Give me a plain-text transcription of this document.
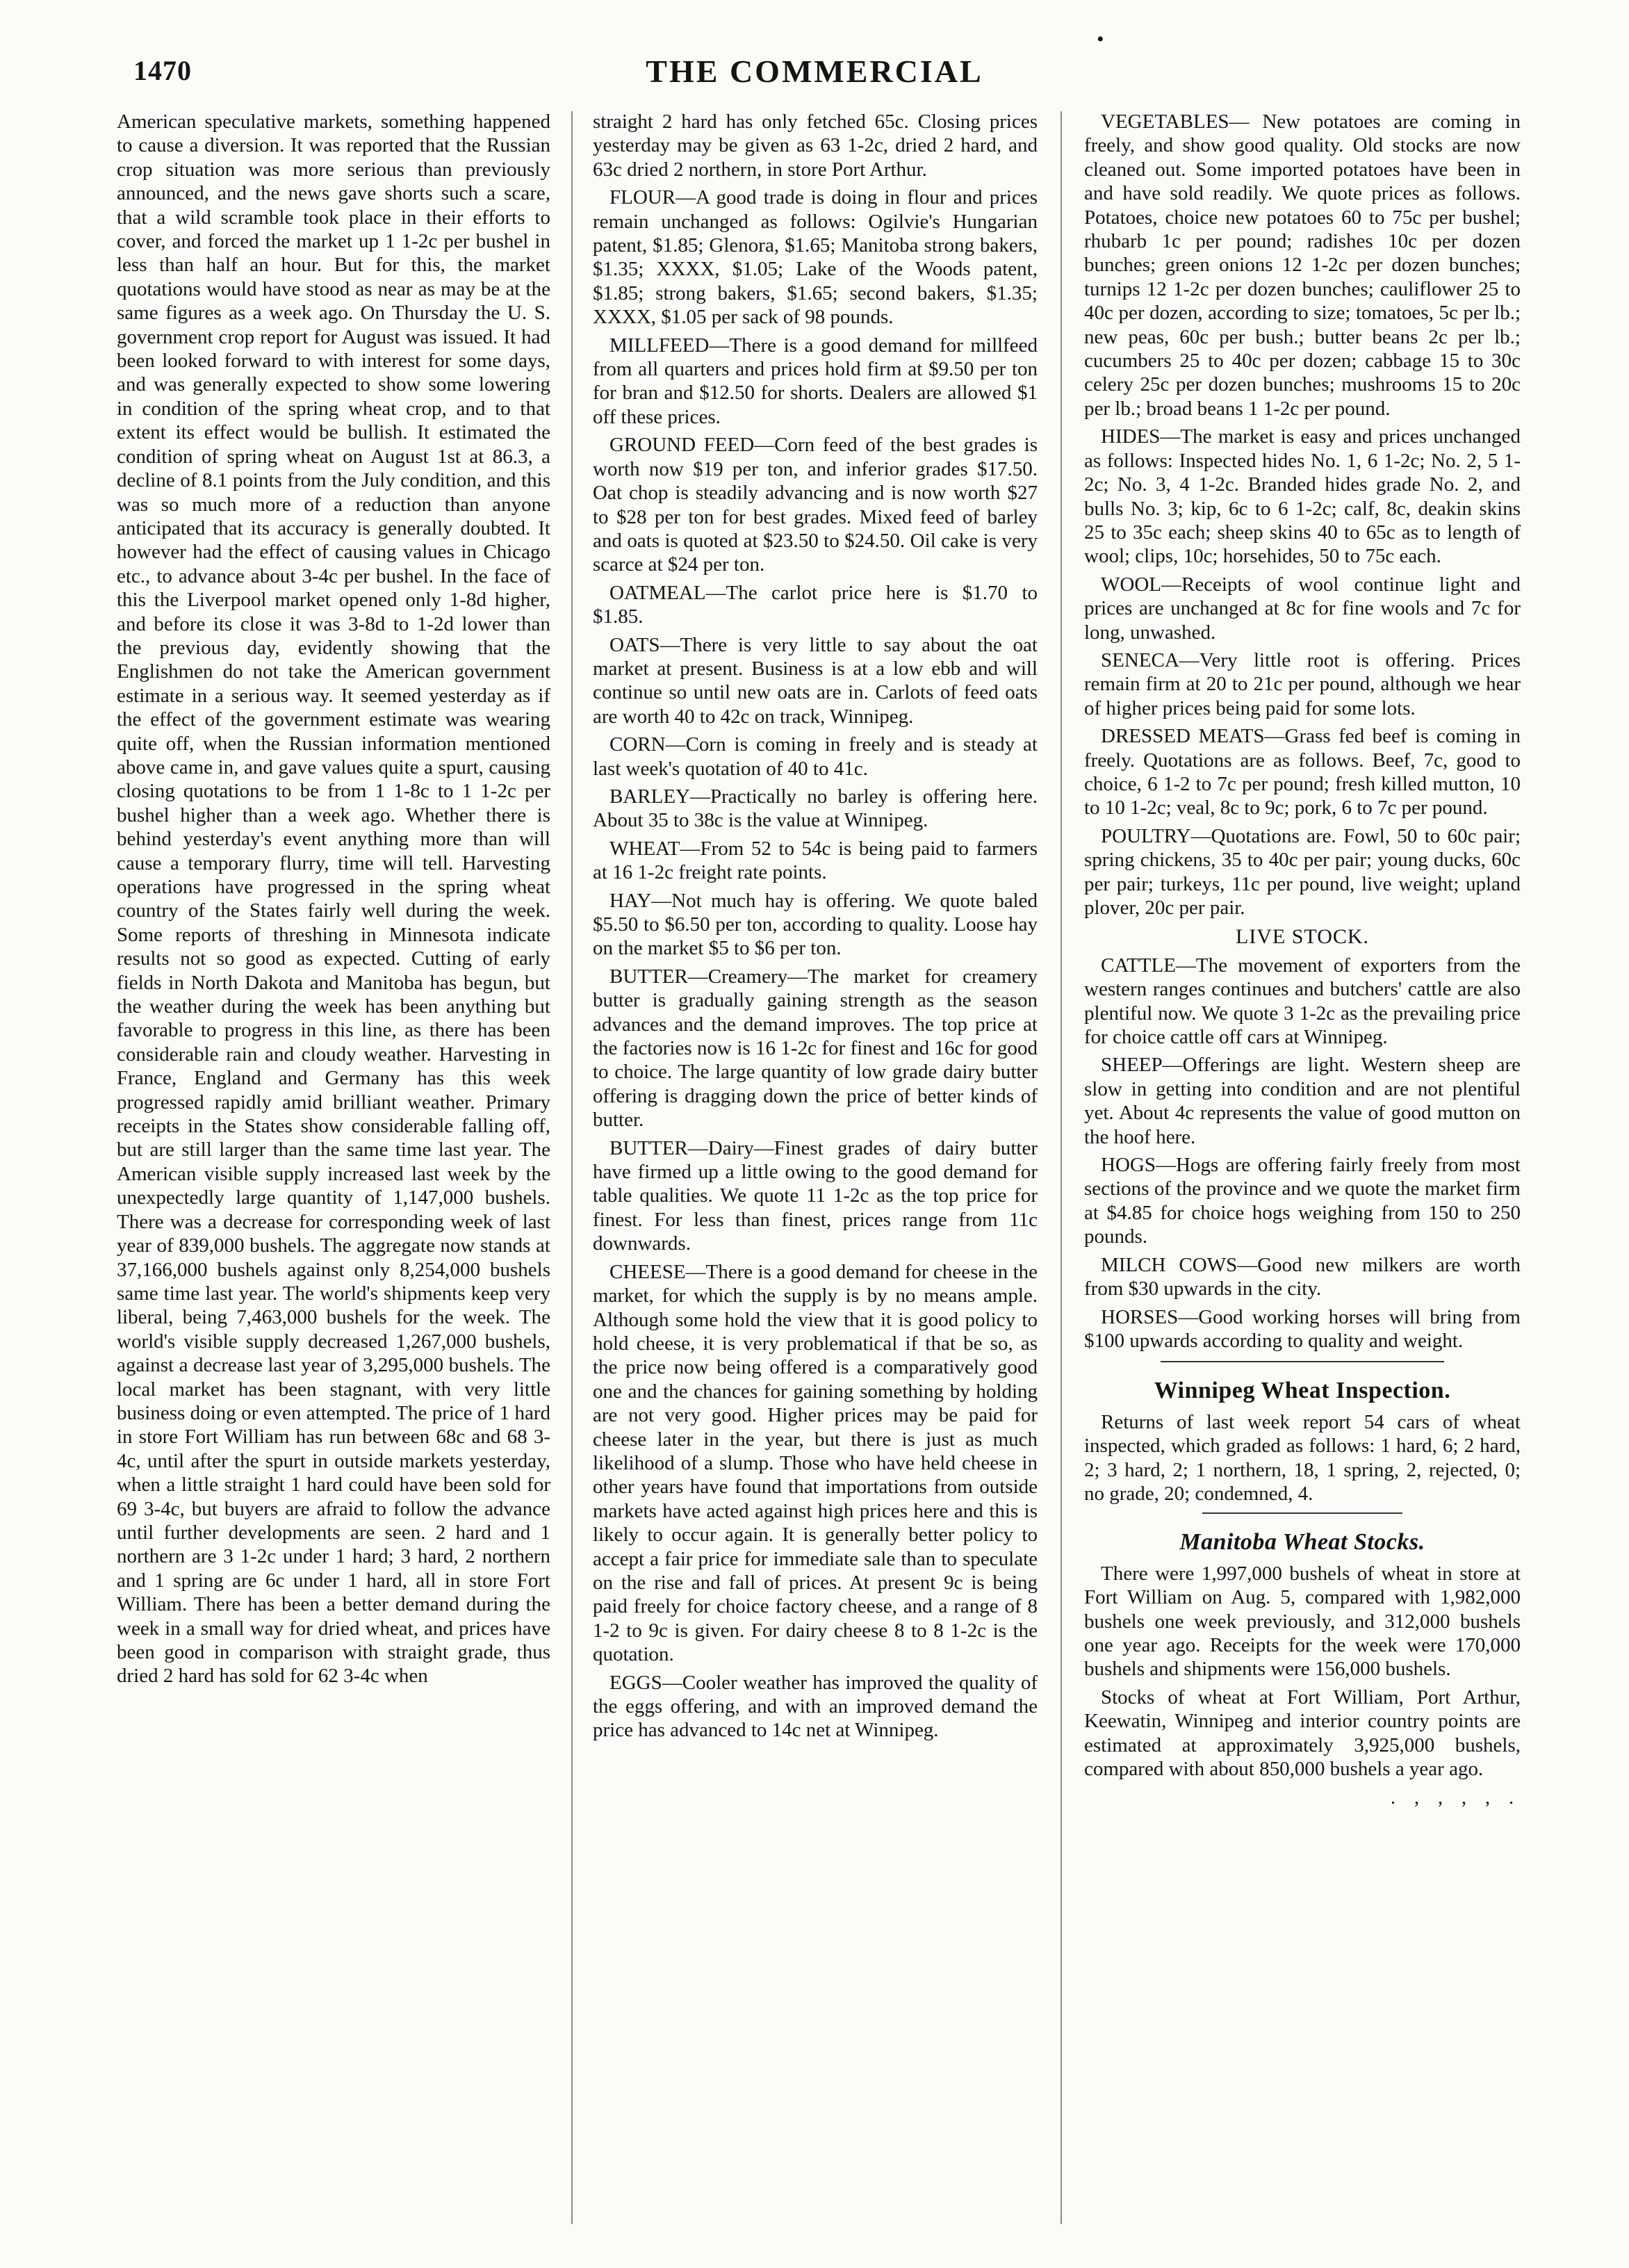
•
1470	THE COMMERCIAL

American speculative markets, something happened to cause a diversion. It was reported that the Russian crop situation was more serious than previously announced, and the news gave shorts such a scare, that a wild scramble took place in their efforts to cover, and forced the market up 1 1-2c per bushel in less than half an hour. But for this, the market quotations would have stood as near as may be at the same figures as a week ago. On Thursday the U. S. government crop report for August was issued. It had been looked forward to with interest for some days, and was generally expected to show some lowering in condition of the spring wheat crop, and to that extent its effect would be bullish. It estimated the condition of spring wheat on August 1st at 86.3, a decline of 8.1 points from the July condition, and this was so much more of a reduction than anyone anticipated that its accuracy is generally doubted. It however had the effect of causing values in Chicago etc., to advance about 3-4c per bushel. In the face of this the Liverpool market opened only 1-8d higher, and before its close it was 3-8d to 1-2d lower than the previous day, evidently showing that the Englishmen do not take the American government estimate in a serious way. It seemed yesterday as if the effect of the government estimate was wearing quite off, when the Russian information mentioned above came in, and gave values quite a spurt, causing closing quotations to be from 1 1-8c to 1 1-2c per bushel higher than a week ago. Whether there is behind yesterday's event anything more than will cause a temporary flurry, time will tell. Harvesting operations have progressed in the spring wheat country of the States fairly well during the week. Some reports of threshing in Minnesota indicate results not so good as expected. Cutting of early fields in North Dakota and Manitoba has begun, but the weather during the week has been anything but favorable to progress in this line, as there has been considerable rain and cloudy weather. Harvesting in France, England and Germany has this week progressed rapidly amid brilliant weather. Primary receipts in the States show considerable falling off, but are still larger than the same time last year. The American visible supply increased last week by the unexpectedly large quantity of 1,147,000 bushels. There was a decrease for corresponding week of last year of 839,000 bushels. The aggregate now stands at 37,166,000 bushels against only 8,254,000 bushels same time last year. The world's shipments keep very liberal, being 7,463,000 bushels for the week. The world's visible supply decreased 1,267,000 bushels, against a decrease last year of 3,295,000 bushels. The local market has been stagnant, with very little business doing or even attempted. The price of 1 hard in store Fort William has run between 68c and 68 3-4c, until after the spurt in outside markets yesterday, when a little straight 1 hard could have been sold for 69 3-4c, but buyers are afraid to follow the advance until further developments are seen. 2 hard and 1 northern are 3 1-2c under 1 hard; 3 hard, 2 northern and 1 spring are 6c under 1 hard, all in store Fort William. There has been a better demand during the week in a small way for dried wheat, and prices have been good in comparison with straight grade, thus dried 2 hard has sold for 62 3-4c when

straight 2 hard has only fetched 65c. Closing prices yesterday may be given as 63 1-2c, dried 2 hard, and 63c dried 2 northern, in store Port Arthur.

FLOUR—A good trade is doing in flour and prices remain unchanged as follows: Ogilvie's Hungarian patent, $1.85; Glenora, $1.65; Manitoba strong bakers, $1.35; XXXX, $1.05; Lake of the Woods patent, $1.85; strong bakers, $1.65; second bakers, $1.35; XXXX, $1.05 per sack of 98 pounds.

MILLFEED—There is a good demand for millfeed from all quarters and prices hold firm at $9.50 per ton for bran and $12.50 for shorts. Dealers are allowed $1 off these prices.

GROUND FEED—Corn feed of the best grades is worth now $19 per ton, and inferior grades $17.50. Oat chop is steadily advancing and is now worth $27 to $28 per ton for best grades. Mixed feed of barley and oats is quoted at $23.50 to $24.50. Oil cake is very scarce at $24 per ton.

OATMEAL—The carlot price here is $1.70 to $1.85.

OATS—There is very little to say about the oat market at present. Business is at a low ebb and will continue so until new oats are in. Carlots of feed oats are worth 40 to 42c on track, Winnipeg.

CORN—Corn is coming in freely and is steady at last week's quotation of 40 to 41c.

BARLEY—Practically no barley is offering here. About 35 to 38c is the value at Winnipeg.

WHEAT—From 52 to 54c is being paid to farmers at 16 1-2c freight rate points.

HAY—Not much hay is offering. We quote baled $5.50 to $6.50 per ton, according to quality. Loose hay on the market $5 to $6 per ton.

BUTTER—Creamery—The market for creamery butter is gradually gaining strength as the season advances and the demand improves. The top price at the factories now is 16 1-2c for finest and 16c for good to choice. The large quantity of low grade dairy butter offering is dragging down the price of better kinds of butter.

BUTTER—Dairy—Finest grades of dairy butter have firmed up a little owing to the good demand for table qualities. We quote 11 1-2c as the top price for finest. For less than finest, prices range from 11c downwards.

CHEESE—There is a good demand for cheese in the market, for which the supply is by no means ample. Although some hold the view that it is good policy to hold cheese, it is very problematical if that be so, as the price now being offered is a comparatively good one and the chances for gaining something by holding are not very good. Higher prices may be paid for cheese later in the year, but there is just as much likelihood of a slump. Those who have held cheese in other years have found that importations from outside markets have acted against high prices here and this is likely to occur again. It is generally better policy to accept a fair price for immediate sale than to speculate on the rise and fall of prices. At present 9c is being paid freely for choice factory cheese, and a range of 8 1-2 to 9c is given. For dairy cheese 8 to 8 1-2c is the quotation.

EGGS—Cooler weather has improved the quality of the eggs offering, and with an improved demand the price has advanced to 14c net at Winnipeg.

VEGETABLES— New potatoes are coming in freely, and show good quality. Old stocks are now cleaned out. Some imported potatoes have been in and have sold readily. We quote prices as follows. Potatoes, choice new potatoes 60 to 75c per bushel; rhubarb 1c per pound; radishes 10c per dozen bunches; green onions 12 1-2c per dozen bunches; turnips 12 1-2c per dozen bunches; cauliflower 25 to 40c per dozen, according to size; tomatoes, 5c per lb.; new peas, 60c per bush.; butter beans 2c per lb.; cucumbers 25 to 40c per dozen; cabbage 15 to 30c celery 25c per dozen bunches; mushrooms 15 to 20c per lb.; broad beans 1 1-2c per pound.

HIDES—The market is easy and prices unchanged as follows: Inspected hides No. 1, 6 1-2c; No. 2, 5 1-2c; No. 3, 4 1-2c. Branded hides grade No. 2, and bulls No. 3; kip, 6c to 6 1-2c; calf, 8c, deakin skins 25 to 35c each; sheep skins 40 to 65c as to length of wool; clips, 10c; horsehides, 50 to 75c each.

WOOL—Receipts of wool continue light and prices are unchanged at 8c for fine wools and 7c for long, unwashed.

SENECA—Very little root is offering. Prices remain firm at 20 to 21c per pound, although we hear of higher prices being paid for some lots.

DRESSED MEATS—Grass fed beef is coming in freely. Quotations are as follows. Beef, 7c, good to choice, 6 1-2 to 7c per pound; fresh killed mutton, 10 to 10 1-2c; veal, 8c to 9c; pork, 6 to 7c per pound.

POULTRY—Quotations are. Fowl, 50 to 60c pair; spring chickens, 35 to 40c per pair; young ducks, 60c per pair; turkeys, 11c per pound, live weight; upland plover, 20c per pair.

LIVE STOCK.

CATTLE—The movement of exporters from the western ranges continues and butchers' cattle are also plentiful now. We quote 3 1-2c as the prevailing price for choice cattle off cars at Winnipeg.

SHEEP—Offerings are light. Western sheep are slow in getting into condition and are not plentiful yet. About 4c represents the value of good mutton on the hoof here.

HOGS—Hogs are offering fairly freely from most sections of the province and we quote the market firm at $4.85 for choice hogs weighing from 150 to 250 pounds.

MILCH COWS—Good new milkers are worth from $30 upwards in the city.

HORSES—Good working horses will bring from $100 upwards according to quality and weight.

Winnipeg Wheat Inspection.

Returns of last week report 54 cars of wheat inspected, which graded as follows: 1 hard, 6; 2 hard, 2; 3 hard, 2; 1 northern, 18, 1 spring, 2, rejected, 0; no grade, 20; condemned, 4.

Manitoba Wheat Stocks.

There were 1,997,000 bushels of wheat in store at Fort William on Aug. 5, compared with 1,982,000 bushels one week previously, and 312,000 bushels one year ago. Receipts for the week were 170,000 bushels and shipments were 156,000 bushels.

Stocks of wheat at Fort William, Port Arthur, Keewatin, Winnipeg and interior country points are estimated at approximately 3,925,000 bushels, compared with about 850,000 bushels a year ago.

. , , , , .
